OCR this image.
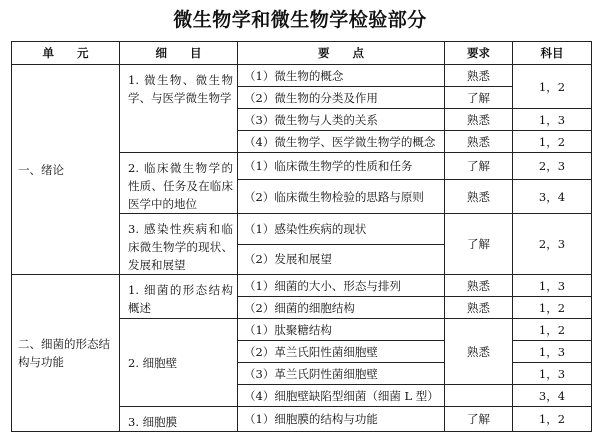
微生物学和微生物学检验部分
单　　元	细　　目	要　　点	要求	科目
一、绪论	1. 微生物、微生物学、与医学微生物学	（1）微生物的概念	熟悉	1，2
		（2）微生物的分类及作用	了解	
		（3）微生物与人类的关系	熟悉	1，3
		（4）微生物学、医学微生物学的概念	熟悉	1，2
	2. 临床微生物学的性质、任务及在临床医学中的地位	（1）临床微生物学的性质和任务	了解	2，3
		（2）临床微生物检验的思路与原则	熟悉	3，4
	3. 感染性疾病和临床微生物学的现状、发展和展望	（1）感染性疾病的现状	了解	2，3
		（2）发展和展望		
二、细菌的形态结构与功能	1. 细菌的形态结构概述	（1）细菌的大小、形态与排列	熟悉	1，3
		（2）细菌的细胞结构	熟悉	1，2
	2. 细胞壁	（1）肽聚糖结构	熟悉	1，2
		（2）革兰氏阳性菌细胞壁		1，3
		（3）革兰氏阴性菌细胞壁		1，3
		（4）细胞壁缺陷型细菌（细菌 L 型）		3，4
	3. 细胞膜	（1）细胞膜的结构与功能	了解	1，2
